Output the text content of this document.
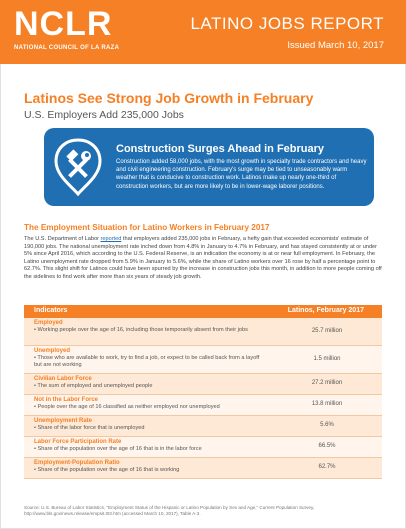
NCLR
NATIONAL COUNCIL OF LA RAZA
LATINO JOBS REPORT
Issued March 10, 2017
Latinos See Strong Job Growth in February
U.S. Employers Add 235,000 Jobs
Construction Surges Ahead in February
Construction added 58,000 jobs, with the most growth in specialty trade contractors and heavy and civil engineering construction. February's surge may be tied to unseasonably warm weather that is conducive to construction work. Latinos make up nearly one-third of construction workers, but are more likely to be in lower-wage laborer positions.
The Employment Situation for Latino Workers in February 2017
The U.S. Department of Labor reported that employers added 235,000 jobs in February, a hefty gain that exceeded economists' estimate of 190,000 jobs. The national unemployment rate inched down from 4.8% in January to 4.7% in February, and has stayed consistently at or under 5% since April 2016, which according to the U.S. Federal Reserve, is an indication the economy is at or near full employment. In February, the Latino unemployment rate dropped from 5.9% in January to 5.6%, while the share of Latino workers over 16 rose by half a percentage point to 62.7%. This slight shift for Latinos could have been spurred by the increase in construction jobs this month, in addition to more people coming off the sidelines to find work after more than six years of steady job growth.
Indicators	Latinos, February 2017
Employed
• Working people over the age of 16, including those temporarily absent from their jobs	25.7 million
Unemployed
• Those who are available to work, try to find a job, or expect to be called back from a layoff but are not working
1.5 million
Civilian Labor Force
• The sum of employed and unemployed people	27.2 million
Not in the Labor Force
• People over the age of 16 classified as neither employed nor unemployed	13.8 million
Unemployment Rate
• Share of the labor force that is unemployed	5.6%
Labor Force Participation Rate
• Share of the population over the age of 16 that is in the labor force	66.5%
Employment-Population Ratio
• Share of the population over the age of 16 that is working	62.7%
Source: U.S. Bureau of Labor Statistics, "Employment Status of the Hispanic or Latino Population by Sex and Age," Current Population Survey, http://www.bls.gov/news.release/empsit.t03.htm (accessed March 10, 2017), Table A-3.
